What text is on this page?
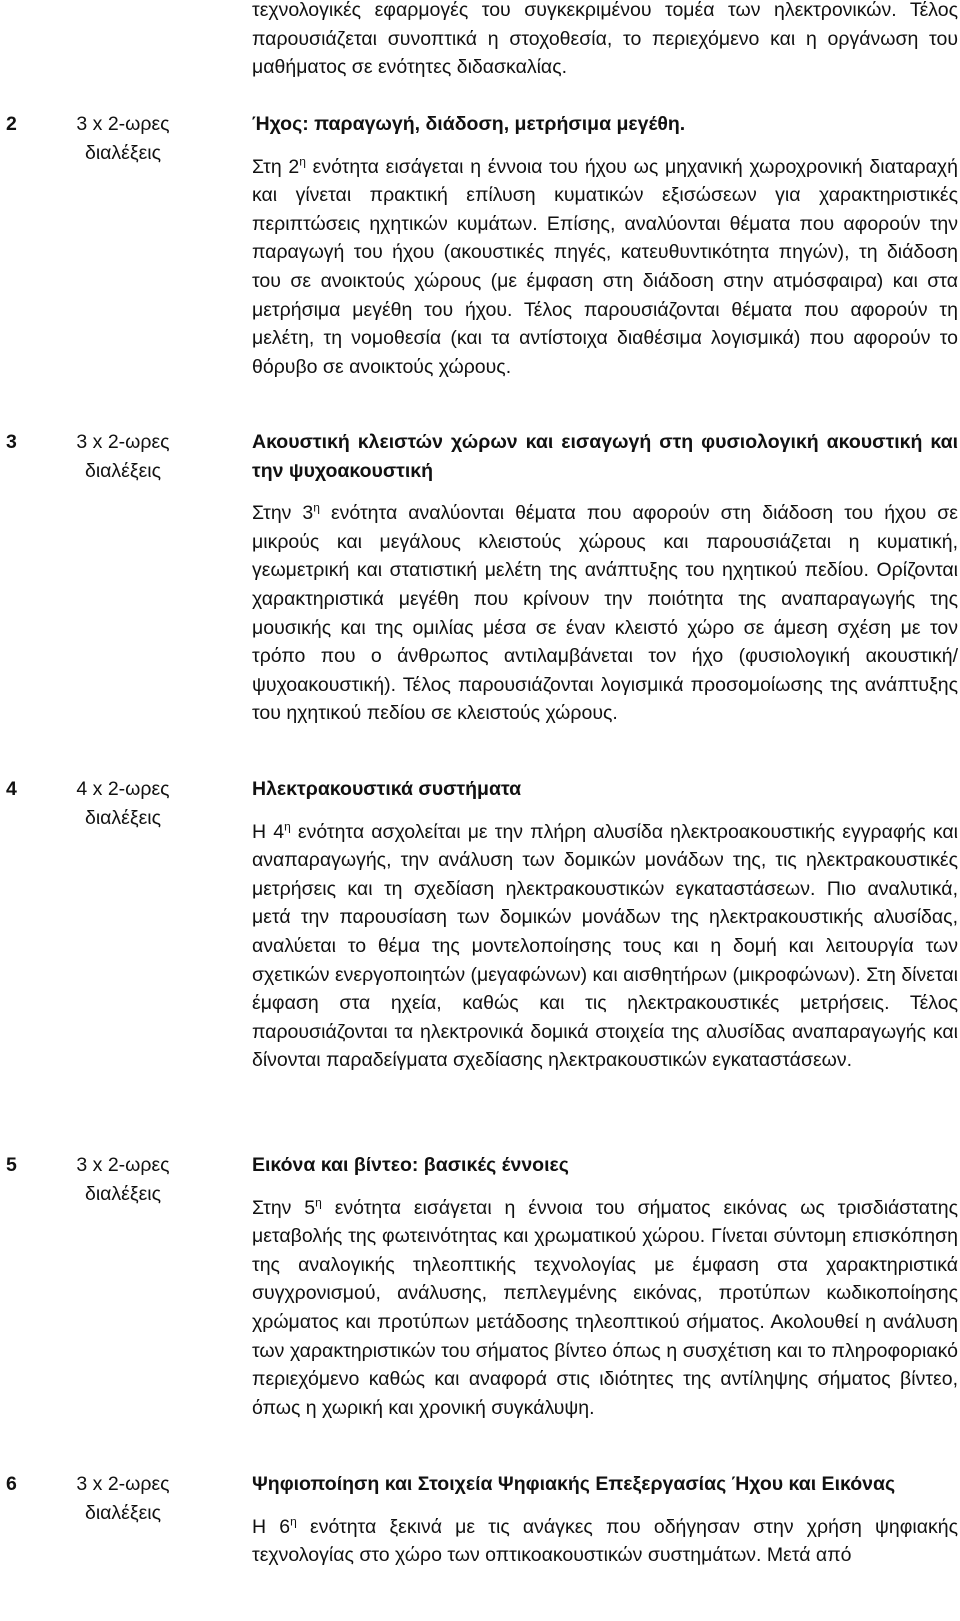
τεχνολογικές εφαρμογές του συγκεκριμένου τομέα των ηλεκτρονικών. Τέλος παρουσιάζεται συνοπτικά η στοχοθεσία, το περιεχόμενο και η οργάνωση του μαθήματος σε ενότητες διδασκαλίας.
2	3 x 2-ωρες διαλέξεις

Ήχος: παραγωγή, διάδοση, μετρήσιμα μεγέθη.

Στη $2^\eta$ ενότητα εισάγεται η έννοια του ήχου ως μηχανική χωροχρονική διαταραχή και γίνεται πρακτική επίλυση κυματικών εξισώσεων για χαρακτηριστικές περιπτώσεις ηχητικών κυμάτων. Επίσης, αναλύονται θέματα που αφορούν την παραγωγή του ήχου (ακουστικές πηγές, κατευθυντικότητα πηγών), τη διάδοση του σε ανοικτούς χώρους (με έμφαση στη διάδοση στην ατμόσφαιρα) και στα μετρήσιμα μεγέθη του ήχου. Τέλος παρουσιάζονται θέματα που αφορούν τη μελέτη, τη νομοθεσία (και τα αντίστοιχα διαθέσιμα λογισμικά) που αφορούν το θόρυβο σε ανοικτούς χώρους.

3	3 x 2-ωρες διαλέξεις

Ακουστική κλειστών χώρων και εισαγωγή στη φυσιολογική ακουστική και την ψυχοακουστική

Στην $3^\eta$ ενότητα αναλύονται θέματα που αφορούν στη διάδοση του ήχου σε μικρούς και μεγάλους κλειστούς χώρους και παρουσιάζεται η κυματική, γεωμετρική και στατιστική μελέτη της ανάπτυξης του ηχητικού πεδίου. Ορίζονται χαρακτηριστικά μεγέθη που κρίνουν την ποιότητα της αναπαραγωγής της μουσικής και της ομιλίας μέσα σε έναν κλειστό χώρο σε άμεση σχέση με τον τρόπο που ο άνθρωπος αντιλαμβάνεται τον ήχο (φυσιολογική ακουστική/ ψυχοακουστική). Τέλος παρουσιάζονται λογισμικά προσομοίωσης της ανάπτυξης του ηχητικού πεδίου σε κλειστούς χώρους.

4	4 x 2-ωρες διαλέξεις

Ηλεκτρακουστικά συστήματα

Η $4^\eta$ ενότητα ασχολείται με την πλήρη αλυσίδα ηλεκτροακουστικής εγγραφής και αναπαραγωγής, την ανάλυση των δομικών μονάδων της, τις ηλεκτρακουστικές μετρήσεις και τη σχεδίαση ηλεκτρακουστικών εγκαταστάσεων. Πιο αναλυτικά, μετά την παρουσίαση των δομικών μονάδων της ηλεκτρακουστικής αλυσίδας, αναλύεται το θέμα της μοντελοποίησης τους και η δομή και λειτουργία των σχετικών ενεργοποιητών (μεγαφώνων) και αισθητήρων (μικροφώνων). Στη δίνεται έμφαση στα ηχεία, καθώς και τις ηλεκτρακουστικές μετρήσεις. Τέλος παρουσιάζονται τα ηλεκτρονικά δομικά στοιχεία της αλυσίδας αναπαραγωγής και δίνονται παραδείγματα σχεδίασης ηλεκτρακουστικών εγκαταστάσεων.

5	3 x 2-ωρες διαλέξεις

Εικόνα και βίντεο: βασικές έννοιες

Στην $5^\eta$ ενότητα εισάγεται η έννοια του σήματος εικόνας ως τρισδιάστατης μεταβολής της φωτεινότητας και χρωματικού χώρου. Γίνεται σύντομη επισκόπηση της αναλογικής τηλεοπτικής τεχνολογίας με έμφαση στα χαρακτηριστικά συγχρονισμού, ανάλυσης, πεπλεγμένης εικόνας, προτύπων κωδικοποίησης χρώματος και προτύπων μετάδοσης τηλεοπτικού σήματος. Ακολουθεί η ανάλυση των χαρακτηριστικών του σήματος βίντεο όπως η συσχέτιση και το πληροφοριακό περιεχόμενο καθώς και αναφορά στις ιδιότητες της αντίληψης σήματος βίντεο, όπως η χωρική και χρονική συγκάλυψη.

6	3 x 2-ωρες διαλέξεις

Ψηφιοποίηση και Στοιχεία Ψηφιακής Επεξεργασίας Ήχου και Εικόνας

Η $6^\eta$ ενότητα ξεκινά με τις ανάγκες που οδήγησαν στην χρήση ψηφιακής τεχνολογίας στο χώρο των οπτικοακουστικών συστημάτων. Μετά από
